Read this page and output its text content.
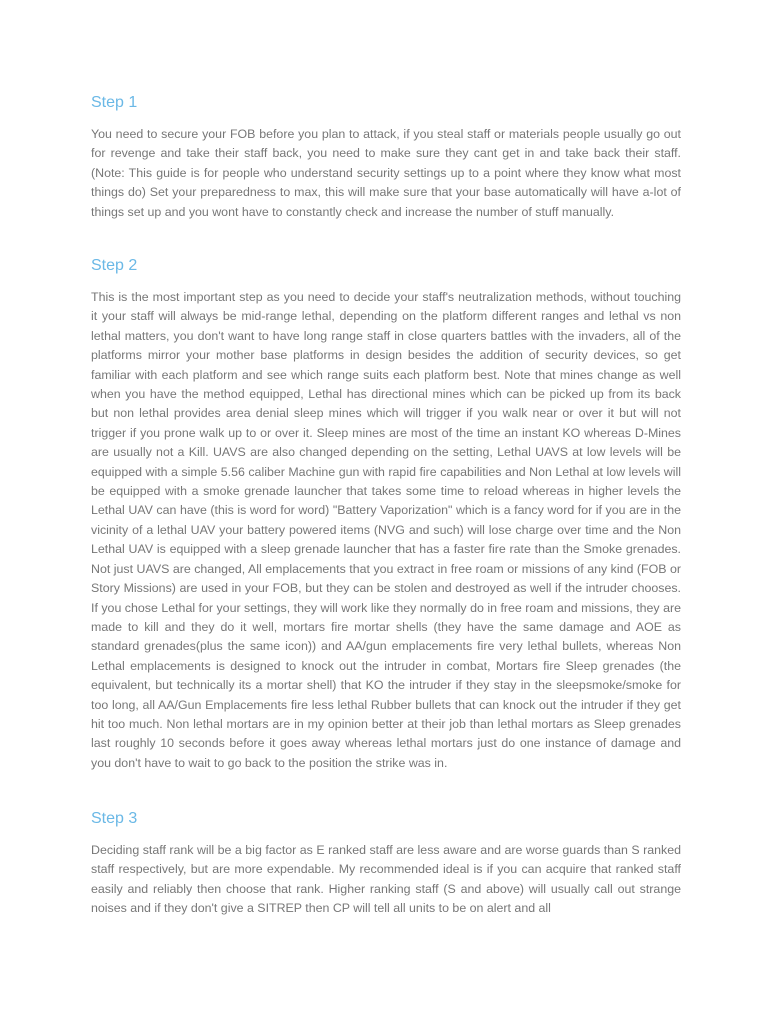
Step 1

You need to secure your FOB before you plan to attack, if you steal staff or materials people usually go out for revenge and take their staff back, you need to make sure they cant get in and take back their staff. (Note: This guide is for people who understand security settings up to a point where they know what most things do) Set your preparedness to max, this will make sure that your base automatically will have a-lot of things set up and you wont have to constantly check and increase the number of stuff manually.

Step 2

This is the most important step as you need to decide your staff's neutralization methods, without touching it your staff will always be mid-range lethal, depending on the platform different ranges and lethal vs non lethal matters, you don't want to have long range staff in close quarters battles with the invaders, all of the platforms mirror your mother base platforms in design besides the addition of security devices, so get familiar with each platform and see which range suits each platform best. Note that mines change as well when you have the method equipped, Lethal has directional mines which can be picked up from its back but non lethal provides area denial sleep mines which will trigger if you walk near or over it but will not trigger if you prone walk up to or over it. Sleep mines are most of the time an instant KO whereas D-Mines are usually not a Kill. UAVS are also changed depending on the setting, Lethal UAVS at low levels will be equipped with a simple 5.56 caliber Machine gun with rapid fire capabilities and Non Lethal at low levels will be equipped with a smoke grenade launcher that takes some time to reload whereas in higher levels the Lethal UAV can have (this is word for word) "Battery Vaporization" which is a fancy word for if you are in the vicinity of a lethal UAV your battery powered items (NVG and such) will lose charge over time and the Non Lethal UAV is equipped with a sleep grenade launcher that has a faster fire rate than the Smoke grenades. Not just UAVS are changed, All emplacements that you extract in free roam or missions of any kind (FOB or Story Missions) are used in your FOB, but they can be stolen and destroyed as well if the intruder chooses. If you chose Lethal for your settings, they will work like they normally do in free roam and missions, they are made to kill and they do it well, mortars fire mortar shells (they have the same damage and AOE as standard grenades(plus the same icon)) and AA/gun emplacements fire very lethal bullets, whereas Non Lethal emplacements is designed to knock out the intruder in combat, Mortars fire Sleep grenades (the equivalent, but technically its a mortar shell) that KO the intruder if they stay in the sleepsmoke/smoke for too long, all AA/Gun Emplacements fire less lethal Rubber bullets that can knock out the intruder if they get hit too much. Non lethal mortars are in my opinion better at their job than lethal mortars as Sleep grenades last roughly 10 seconds before it goes away whereas lethal mortars just do one instance of damage and you don't have to wait to go back to the position the strike was in.

Step 3

Deciding staff rank will be a big factor as E ranked staff are less aware and are worse guards than S ranked staff respectively, but are more expendable. My recommended ideal is if you can acquire that ranked staff easily and reliably then choose that rank. Higher ranking staff (S and above) will usually call out strange noises and if they don't give a SITREP then CP will tell all units to be on alert and all
